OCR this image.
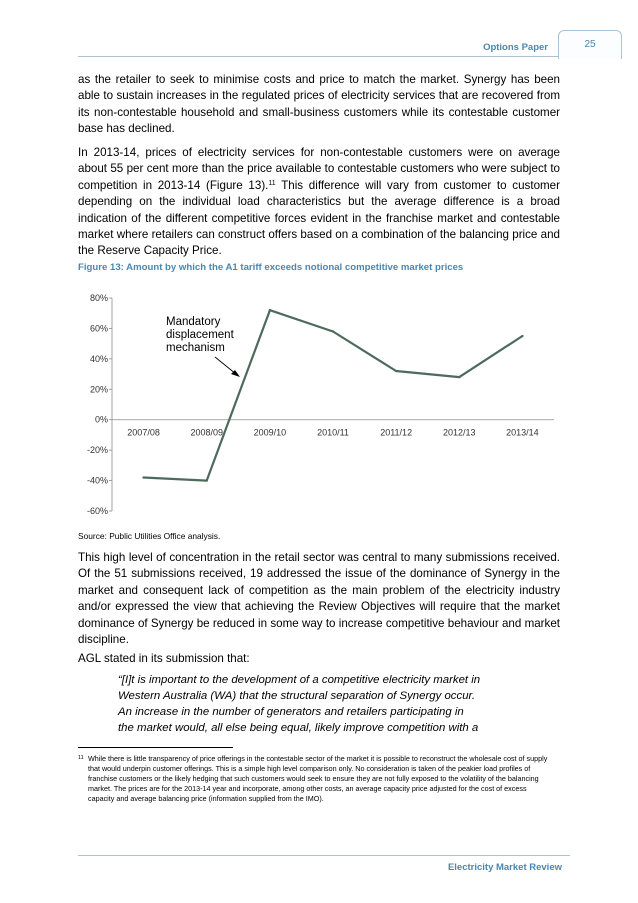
Options Paper	25

as the retailer to seek to minimise costs and price to match the market. Synergy has been able to sustain increases in the regulated prices of electricity services that are recovered from its non-contestable household and small-business customers while its contestable customer base has declined.

In 2013-14, prices of electricity services for non-contestable customers were on average about 55 per cent more than the price available to contestable customers who were subject to competition in 2013-14 (Figure 13).$^{11}$ This difference will vary from customer to customer depending on the individual load characteristics but the average difference is a broad indication of the different competitive forces evident in the franchise market and contestable market where retailers can construct offers based on a combination of the balancing price and the Reserve Capacity Price.

Figure 13: Amount by which the A1 tariff exceeds notional competitive market prices
80%
60%
40%
20%
0%
-20%
-40%
-60%
2007/08	2008/09	2009/10	2010/11	2011/12	2012/13	2013/14
Mandatory
displacement
mechanism
Source: Public Utilities Office analysis.

This high level of concentration in the retail sector was central to many submissions received. Of the 51 submissions received, 19 addressed the issue of the dominance of Synergy in the market and consequent lack of competition as the main problem of the electricity industry and/or expressed the view that achieving the Review Objectives will require that the market dominance of Synergy be reduced in some way to increase competitive behaviour and market discipline.

AGL stated in its submission that:

“[I]t is important to the development of a competitive electricity market in
Western Australia (WA) that the structural separation of Synergy occur.
An increase in the number of generators and retailers participating in
the market would, all else being equal, likely improve competition with a
11 While there is little transparency of price offerings in the contestable sector of the market it is possible to reconstruct the wholesale cost of supply that would underpin customer offerings. This is a simple high level comparison only. No consideration is taken of the peakier load profiles of franchise customers or the likely hedging that such customers would seek to ensure they are not fully exposed to the volatility of the balancing market. The prices are for the 2013-14 year and incorporate, among other costs, an average capacity price adjusted for the cost of excess capacity and average balancing price (information supplied from the IMO).
Electricity Market Review
